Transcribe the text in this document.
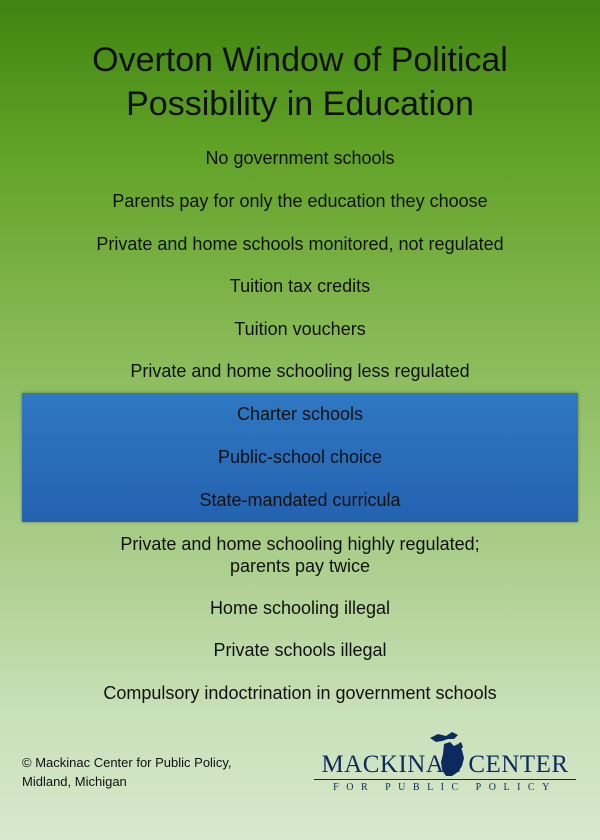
Overton Window of Political
Possibility in Education
No government schools
Parents pay for only the education they choose
Private and home schools monitored, not regulated
Tuition tax credits
Tuition vouchers
Private and home schooling less regulated
Charter schools
Public-school choice
State-mandated curricula
Private and home schooling highly regulated;
parents pay twice
Home schooling illegal
Private schools illegal
Compulsory indoctrination in government schools
© Mackinac Center for Public Policy,
Midland, Michigan
MACKINAC CENTER
FOR PUBLIC POLICY
